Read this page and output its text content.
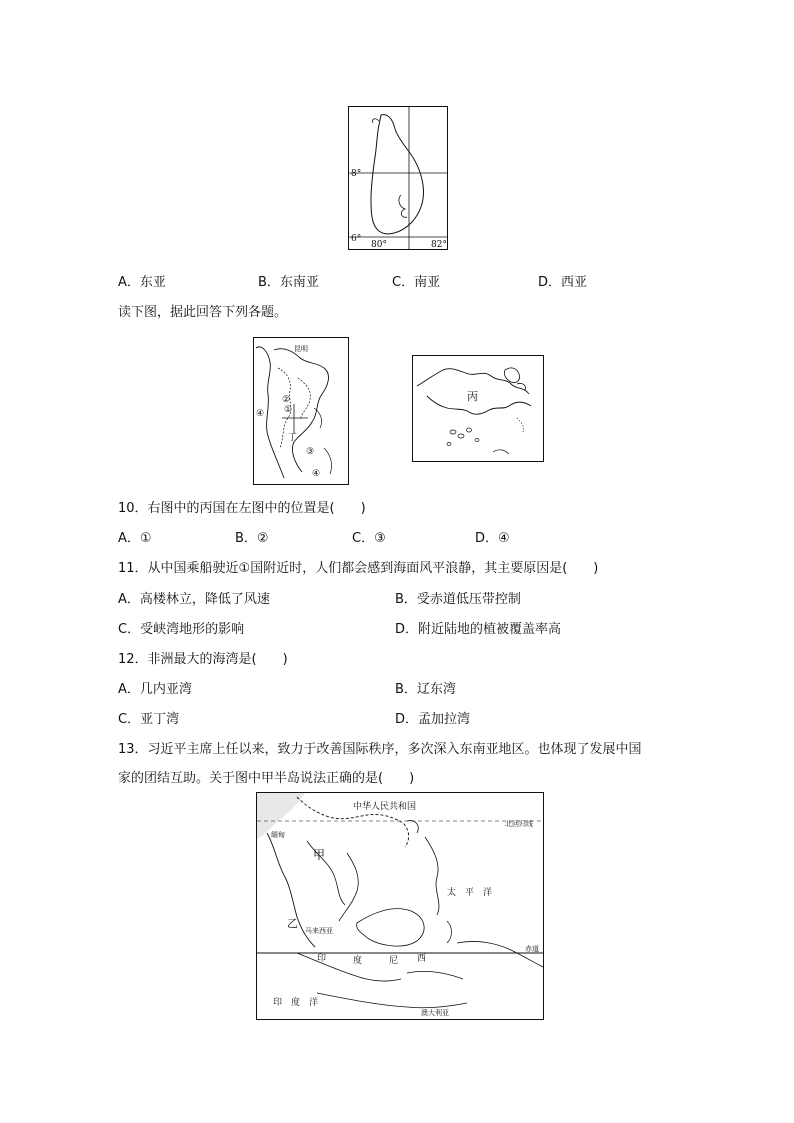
8°
6°
80°	82°
A．东亚	B．东南亚	C．南亚	D．西亚
读下图，据此回答下列各题。
昆明
④
②
①
丁
③
④
丙
10．右图中的丙国在左图中的位置是(　　)
A．①	B．②	C．③	D．④
11．从中国乘船驶近①国附近时，人们都会感到海面风平浪静，其主要原因是(　　)
A．高楼林立，降低了风速	B．受赤道低压带控制
C．受峡湾地形的影响	D．附近陆地的植被覆盖率高
12．非洲最大的海湾是(　　)
A．几内亚湾	B．辽东湾
C．亚丁湾	D．孟加拉湾
13．习近平主席上任以来，致力于改善国际秩序，多次深入东南亚地区。也体现了发展中国
家的团结互助。关于图中甲半岛说法正确的是(　　)
中华人民共和国
北回归线
赤道
缅甸
甲
乙
太　平　洋
印　度　洋
印	度	尼 西
马来西亚
澳大利亚
